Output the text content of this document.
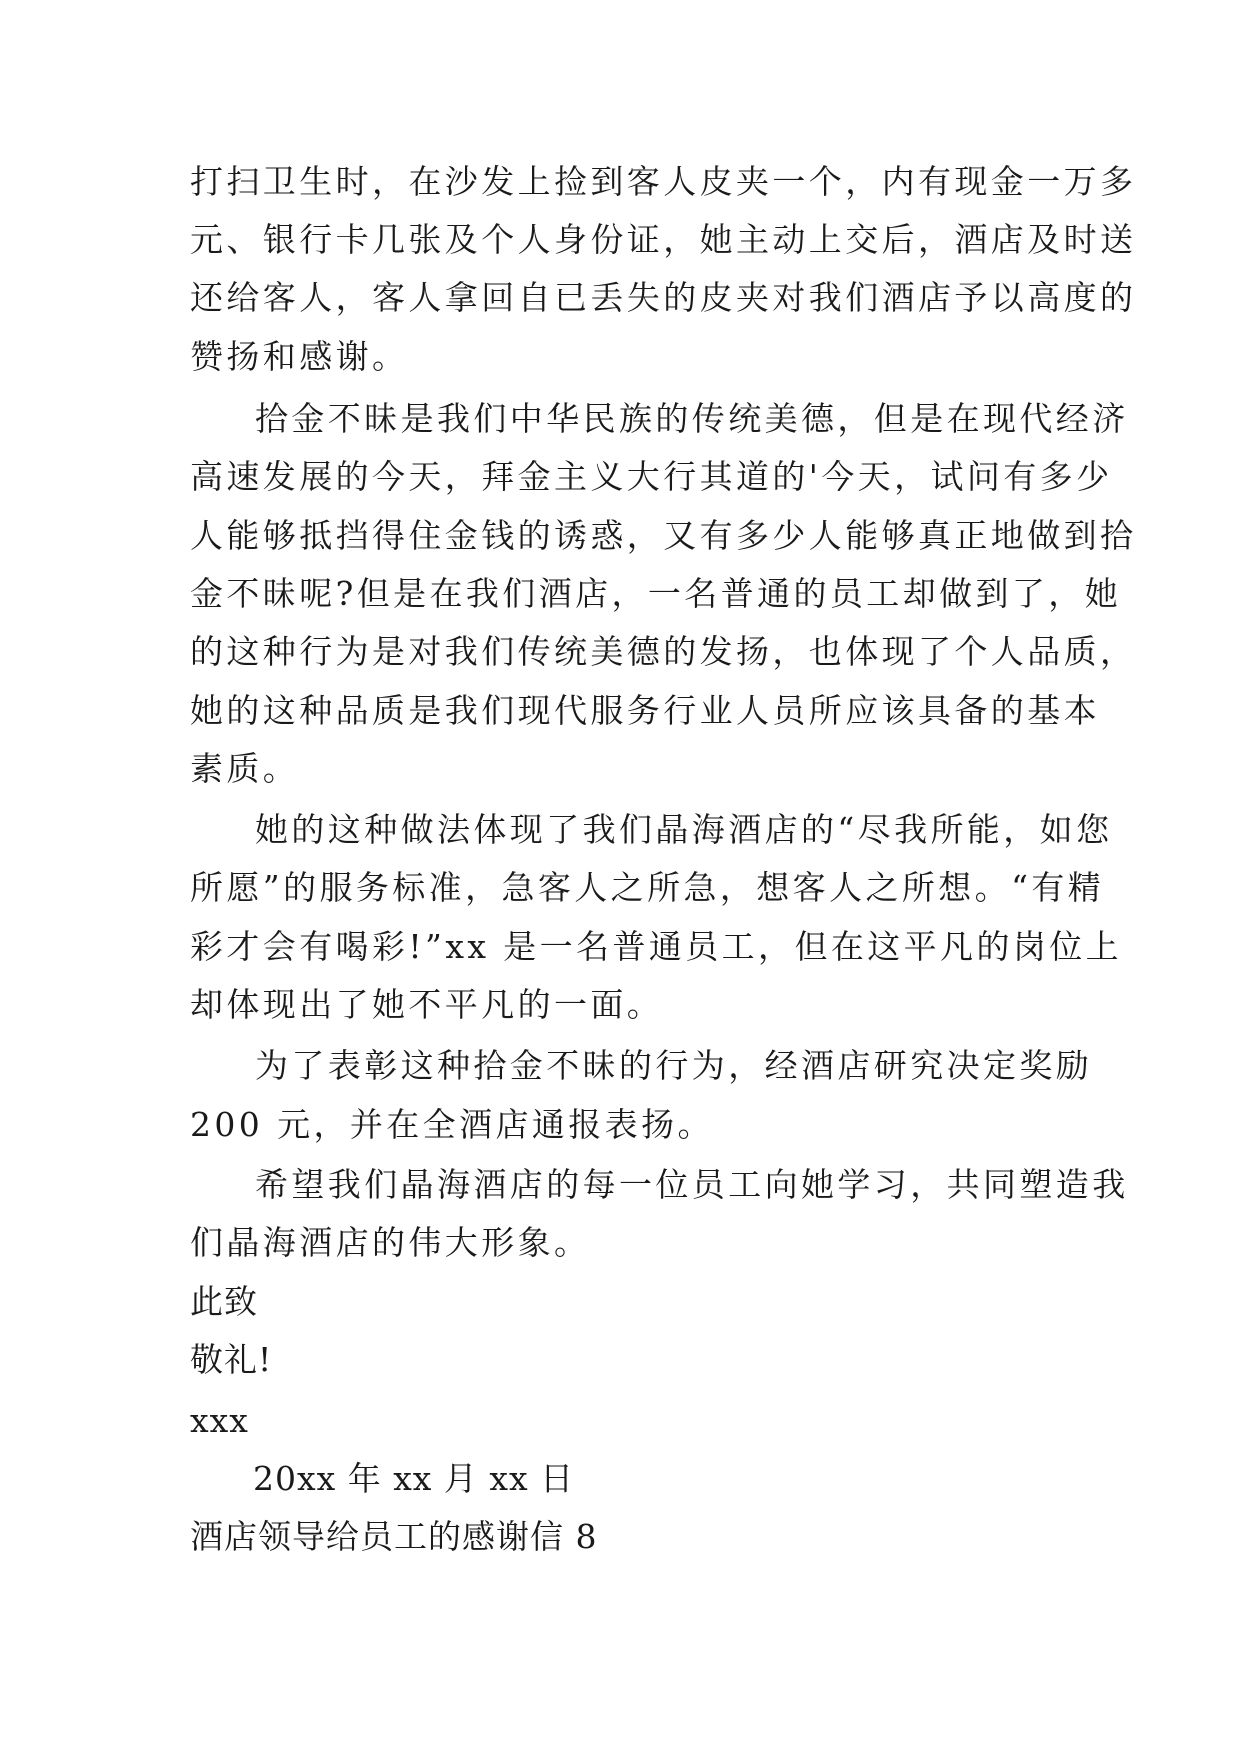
打扫卫生时，在沙发上捡到客人皮夹一个，内有现金一万多
元、银行卡几张及个人身份证，她主动上交后，酒店及时送
还给客人，客人拿回自已丢失的皮夹对我们酒店予以高度的
赞扬和感谢。
拾金不昧是我们中华民族的传统美德，但是在现代经济
高速发展的今天，拜金主义大行其道的'今天，试问有多少
人能够抵挡得住金钱的诱惑，又有多少人能够真正地做到拾
金不昧呢?但是在我们酒店，一名普通的员工却做到了，她
的这种行为是对我们传统美德的发扬，也体现了个人品质，
她的这种品质是我们现代服务行业人员所应该具备的基本
素质。
她的这种做法体现了我们晶海酒店的“尽我所能，如您
所愿”的服务标准，急客人之所急，想客人之所想。“有精
彩才会有喝彩!”xx 是一名普通员工，但在这平凡的岗位上
却体现出了她不平凡的一面。
为了表彰这种拾金不昧的行为，经酒店研究决定奖励
200 元，并在全酒店通报表扬。
希望我们晶海酒店的每一位员工向她学习，共同塑造我
们晶海酒店的伟大形象。
此致
敬礼!
xxx
20xx 年 xx 月 xx 日
酒店领导给员工的感谢信 8
